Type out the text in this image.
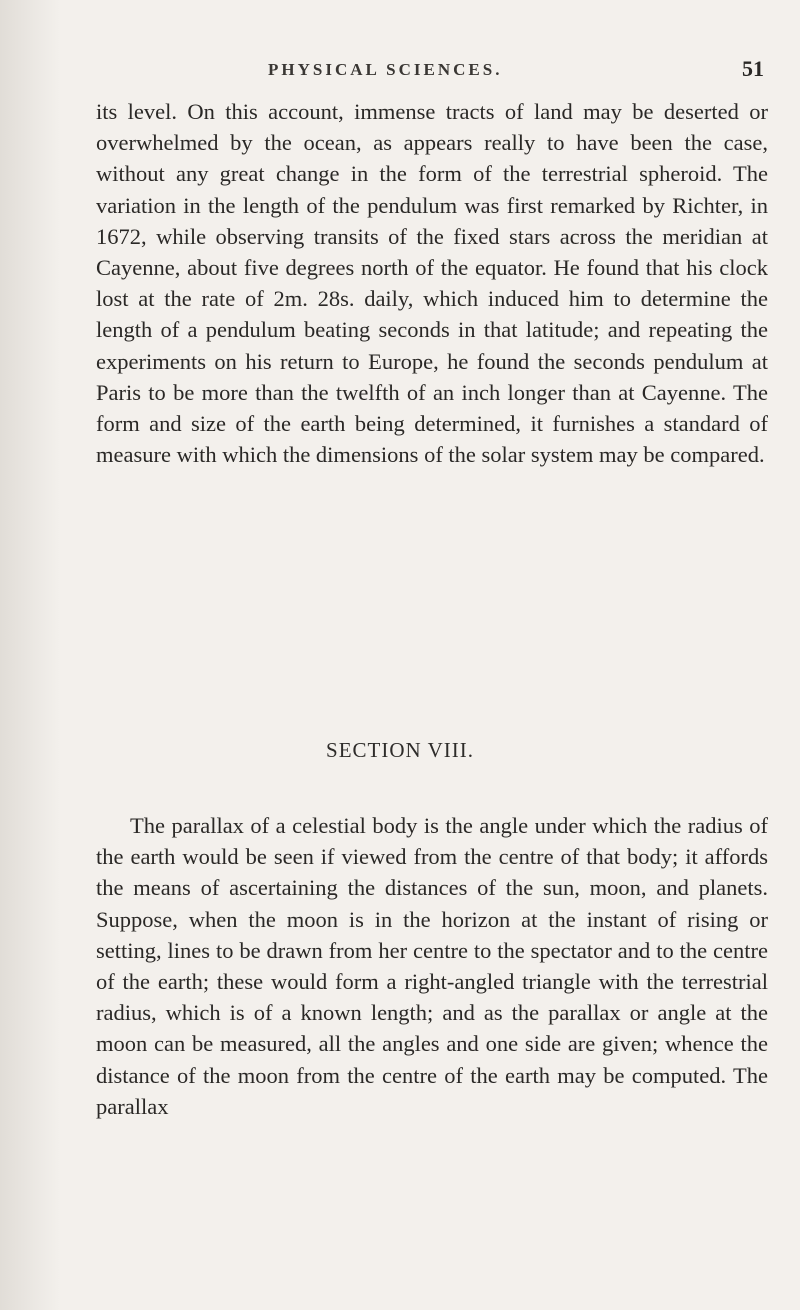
PHYSICAL SCIENCES.	51

its level. On this account, immense tracts of land may be deserted or overwhelmed by the ocean, as appears really to have been the case, without any great change in the form of the terrestrial spheroid. The variation in the length of the pendulum was first remarked by Richter, in 1672, while observing transits of the fixed stars across the meridian at Cayenne, about five degrees north of the equator. He found that his clock lost at the rate of 2m. 28s. daily, which induced him to determine the length of a pendulum beating seconds in that latitude; and repeating the experiments on his return to Europe, he found the seconds pendulum at Paris to be more than the twelfth of an inch longer than at Cayenne. The form and size of the earth being determined, it furnishes a standard of measure with which the dimensions of the solar system may be compared.

SECTION VIII.

The parallax of a celestial body is the angle under which the radius of the earth would be seen if viewed from the centre of that body; it affords the means of ascertaining the distances of the sun, moon, and planets. Suppose, when the moon is in the horizon at the instant of rising or setting, lines to be drawn from her centre to the spectator and to the centre of the earth; these would form a right-angled triangle with the terrestrial radius, which is of a known length; and as the parallax or angle at the moon can be measured, all the angles and one side are given; whence the distance of the moon from the centre of the earth may be computed. The parallax
